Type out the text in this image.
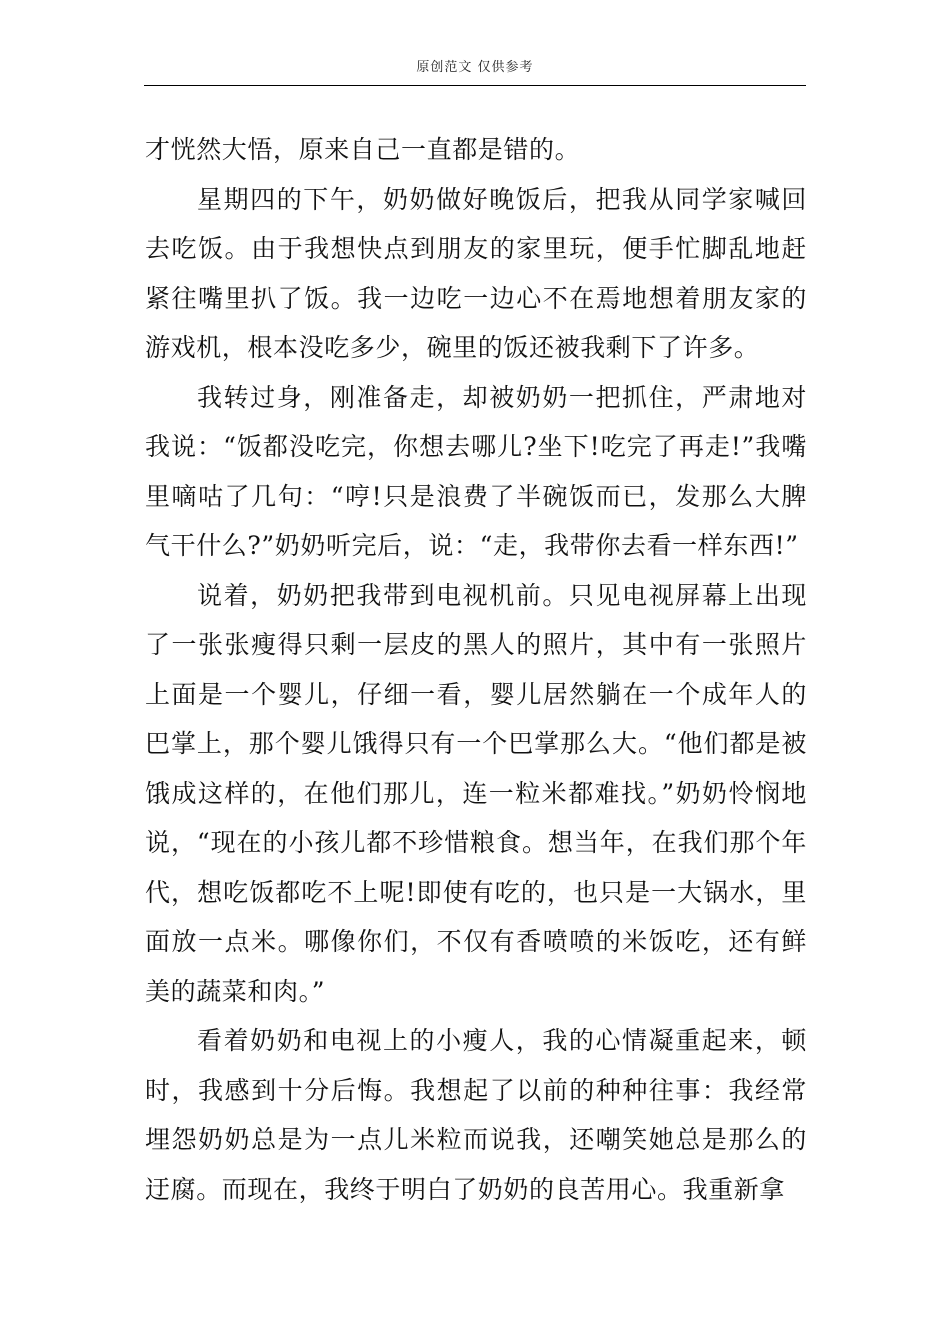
原创范文 仅供参考

才恍然大悟，原来自己一直都是错的。

星期四的下午，奶奶做好晚饭后，把我从同学家喊回去吃饭。由于我想快点到朋友的家里玩，便手忙脚乱地赶紧往嘴里扒了饭。我一边吃一边心不在焉地想着朋友家的游戏机，根本没吃多少，碗里的饭还被我剩下了许多。

我转过身，刚准备走，却被奶奶一把抓住，严肃地对我说：“饭都没吃完，你想去哪儿?坐下!吃完了再走!”我嘴里嘀咕了几句：“哼!只是浪费了半碗饭而已，发那么大脾气干什么?”奶奶听完后，说：“走，我带你去看一样东西!”

说着，奶奶把我带到电视机前。只见电视屏幕上出现了一张张瘦得只剩一层皮的黑人的照片，其中有一张照片上面是一个婴儿，仔细一看，婴儿居然躺在一个成年人的巴掌上，那个婴儿饿得只有一个巴掌那么大。“他们都是被饿成这样的，在他们那儿，连一粒米都难找。”奶奶怜悯地说，“现在的小孩儿都不珍惜粮食。想当年，在我们那个年代，想吃饭都吃不上呢!即使有吃的，也只是一大锅水，里面放一点米。哪像你们，不仅有香喷喷的米饭吃，还有鲜美的蔬菜和肉。”

看着奶奶和电视上的小瘦人，我的心情凝重起来，顿时，我感到十分后悔。我想起了以前的种种往事：我经常埋怨奶奶总是为一点儿米粒而说我，还嘲笑她总是那么的迂腐。而现在，我终于明白了奶奶的良苦用心。我重新拿
